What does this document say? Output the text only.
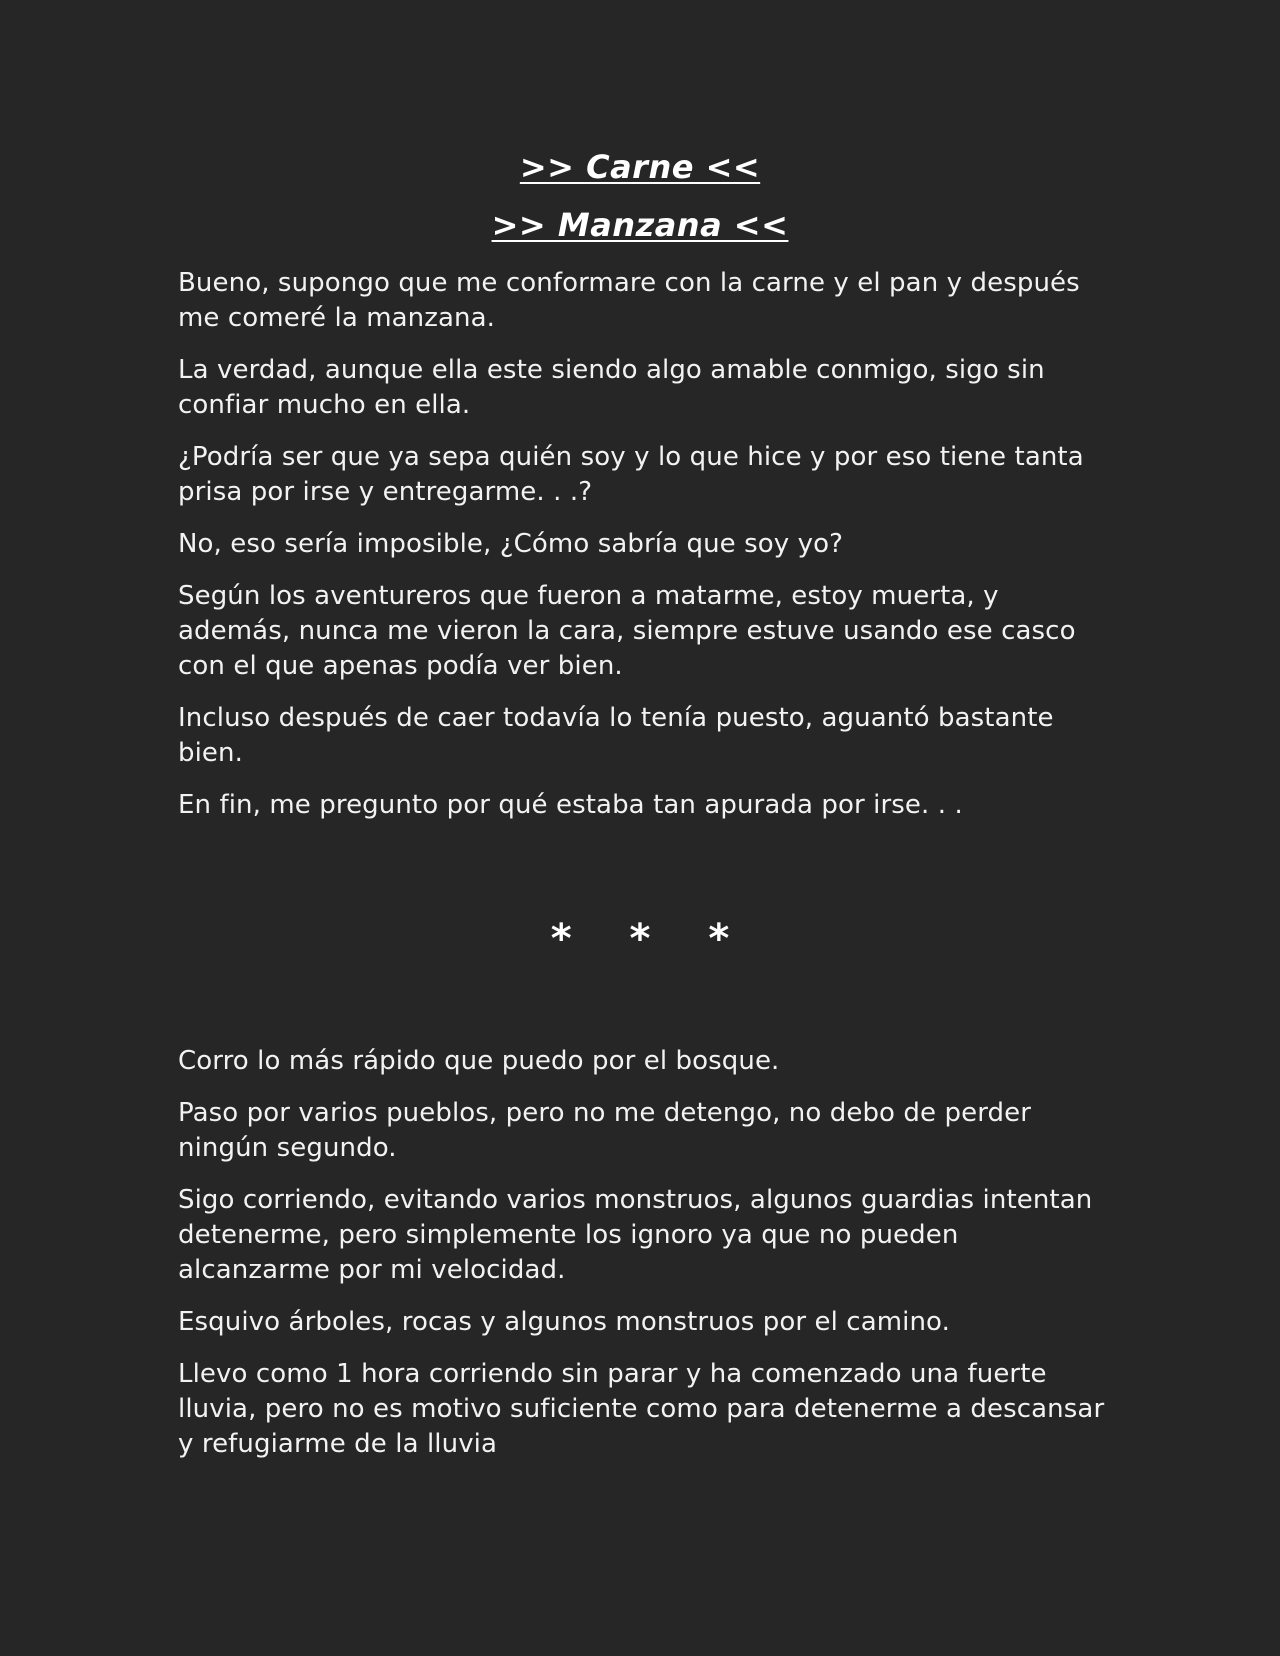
>> Carne <<
>> Manzana <<

Bueno, supongo que me conformare con la carne y el pan y después me comeré la manzana.

La verdad, aunque ella este siendo algo amable conmigo, sigo sin confiar mucho en ella.

¿Podría ser que ya sepa quién soy y lo que hice y por eso tiene tanta prisa por irse y entregarme. . .?

No, eso sería imposible, ¿Cómo sabría que soy yo?

Según los aventureros que fueron a matarme, estoy muerta, y además, nunca me vieron la cara, siempre estuve usando ese casco con el que apenas podía ver bien.

Incluso después de caer todavía lo tenía puesto, aguantó bastante bien.

En fin, me pregunto por qué estaba tan apurada por irse. . .

* * *

Corro lo más rápido que puedo por el bosque.

Paso por varios pueblos, pero no me detengo, no debo de perder ningún segundo.

Sigo corriendo, evitando varios monstruos, algunos guardias intentan detenerme, pero simplemente los ignoro ya que no pueden alcanzarme por mi velocidad.

Esquivo árboles, rocas y algunos monstruos por el camino.

Llevo como 1 hora corriendo sin parar y ha comenzado una fuerte lluvia, pero no es motivo suficiente como para detenerme a descansar y refugiarme de la lluvia
